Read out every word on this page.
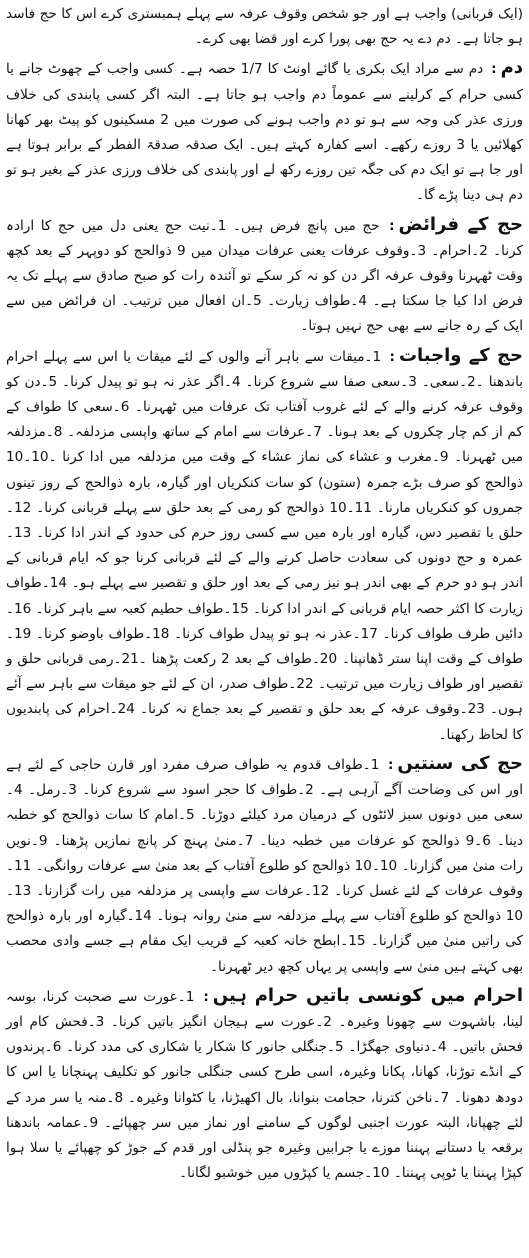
(ایک قربانی) واجب ہے اور جو شخص وقوف عرفہ سے پہلے ہمبستری کرے اس کا حج فاسد ہو جاتا ہے۔ دم دے یہ حج بھی پورا کرے اور قضا بھی کرے۔
دم: دم سے مراد ایک بکری یا گائے اونٹ کا 1/7 حصہ ہے۔ کسی واجب کے چھوٹ جانے یا کسی حرام کے کرلینے سے عموماً دم واجب ہو جاتا ہے۔ البتہ اگر کسی پابندی کی خلاف ورزی عذر کی وجہ سے ہو تو دم واجب ہونے کی صورت میں 2 مسکینوں کو پیٹ بھر کھانا کھلائیں یا 3 روزے رکھے۔ اسے کفارہ کہتے ہیں۔ ایک صدقہ صدقۃ الفطر کے برابر ہوتا ہے اور جا ہے تو ایک دم کی جگہ تین روزے رکھ لے اور پابندی کی خلاف ورزی عذر کے بغیر ہو تو دم ہی دینا پڑے گا۔
حج کے فرائض: حج میں پانچ فرض ہیں۔ 1۔نیت حج یعنی دل میں حج کا ارادہ کرنا۔ 2۔احرام۔ 3۔وقوف عرفات یعنی عرفات میدان میں 9 ذوالحج کو دوپہر کے بعد کچھ وقت ٹھہرنا وقوف عرفہ اگر دن کو نہ کر سکے تو آئندہ رات کو صبح صادق سے پہلے تک یہ فرض ادا کیا جا سکتا ہے۔ 4۔طواف زیارت۔ 5۔ان افعال میں ترتیب۔ ان فرائض میں سے ایک کے رہ جانے سے بھی حج نہیں ہوتا۔
حج کے واجبات: 1۔میقات سے باہر آنے والوں کے لئے میقات یا اس سے پہلے احرام باندھنا ۔2۔سعی۔ 3۔سعی صفا سے شروع کرنا۔ 4۔اگر عذر نہ ہو تو پیدل کرنا۔ 5۔دن کو وقوف عرفہ کرنے والے کے لئے غروب آفتاب تک عرفات میں ٹھہرنا۔ 6۔سعی کا طواف کے کم از کم چار چکروں کے بعد ہونا۔ 7۔عرفات سے امام کے ساتھ واپسی مزدلفہ۔ 8۔مزدلفہ میں ٹھہرنا۔ 9۔مغرب و عشاء کی نماز عشاء کے وقت میں مزدلفہ میں ادا کرنا ۔10۔10 ذوالحج کو صرف بڑے جمرہ (ستون) کو سات کنکریاں اور گیارہ، بارہ ذوالحج کے روز تینوں جمروں کو کنکریاں مارنا۔ 11۔10 ذوالحج کو رمی کے بعد حلق سے پہلے قربانی کرنا۔ 12۔حلق یا تقصیر دس، گیارہ اور بارہ میں سے کسی روز حرم کی حدود کے اندر ادا کرنا۔ 13۔عمرہ و حج دونوں کی سعادت حاصل کرنے والے کے لئے قربانی کرنا جو کہ ایام قربانی کے اندر ہو دو حرم کے بھی اندر ہو نیز رمی کے بعد اور حلق و تقصیر سے پہلے ہو۔ 14۔طواف زیارت کا اکثر حصہ ایام قربانی کے اندر ادا کرنا۔ 15۔طواف حطیم کعبہ سے باہر کرنا۔ 16۔دائیں طرف طواف کرنا۔ 17۔عذر نہ ہو تو پیدل طواف کرنا۔ 18۔طواف باوضو کرنا۔ 19۔طواف کے وقت اپنا ستر ڈھانپنا۔ 20۔طواف کے بعد 2 رکعت پڑھنا ۔21۔رمی قربانی حلق و تقصیر اور طواف زیارت میں ترتیب۔ 22۔طواف صدر، ان کے لئے جو میقات سے باہر سے آئے ہوں۔ 23۔وقوف عرفہ کے بعد حلق و تقصیر کے بعد جماع نہ کرنا۔ 24۔احرام کی پابندیوں کا لحاظ رکھنا۔
حج کی سنتیں: 1۔طواف قدوم یہ طواف صرف مفرد اور قارن حاجی کے لئے ہے اور اس کی وضاحت آگے آرہی ہے۔ 2۔طواف کا حجر اسود سے شروع کرنا۔ 3۔رمل۔ 4۔سعی میں دونوں سبز لائٹوں کے درمیان مرد کیلئے دوڑنا۔ 5۔امام کا سات ذوالحج کو خطبہ دینا۔ 6۔9 ذوالحج کو عرفات میں خطبہ دینا۔ 7۔منیٰ پہنچ کر پانچ نمازیں پڑھنا۔ 9۔نویں رات منیٰ میں گزارنا۔ 10۔10 ذوالحج کو طلوع آفتاب کے بعد منیٰ سے عرفات روانگی۔ 11۔وقوف عرفات کے لئے غسل کرنا۔ 12۔عرفات سے واپسی پر مزدلفہ میں رات گزارنا۔ 13۔10 ذوالحج کو طلوع آفتاب سے پہلے مزدلفہ سے منیٰ روانہ ہونا۔ 14۔گیارہ اور بارہ ذوالحج کی راتیں منیٰ میں گزارنا۔ 15۔ابطح خانہ کعبہ کے قریب ایک مقام ہے جسے وادی محصب بھی کہتے ہیں منیٰ سے واپسی پر یہاں کچھ دیر ٹھہرنا۔
احرام میں کونسی باتیں حرام ہیں: 1۔عورت سے صحبت کرنا، بوسہ لینا، باشہوت سے چھونا وغیرہ۔ 2۔عورت سے ہیجان انگیز باتیں کرنا۔ 3۔فحش کام اور فحش باتیں۔ 4۔دنیاوی جھگڑا۔ 5۔جنگلی جانور کا شکار یا شکاری کی مدد کرنا۔ 6۔پرندوں کے انڈے توڑنا، کھانا، پکانا وغیرہ، اسی طرح کسی جنگلی جانور کو تکلیف پہنچانا یا اس کا دودھ دھونا۔ 7۔ناخن کترنا، حجامت بنوانا، بال اکھیڑنا، یا کٹوانا وغیرہ۔ 8۔منہ یا سر مرد کے لئے چھپانا، البتہ عورت اجنبی لوگوں کے سامنے اور نماز میں سر چھپائے۔ 9۔عمامہ باندھنا برقعہ یا دستانے پہننا موزے یا جرابیں وغیرہ جو پنڈلی اور قدم کے جوڑ کو چھپائے یا سلا ہوا کپڑا پہننا یا ٹوپی پہننا۔ 10۔جسم یا کپڑوں میں خوشبو لگانا۔
